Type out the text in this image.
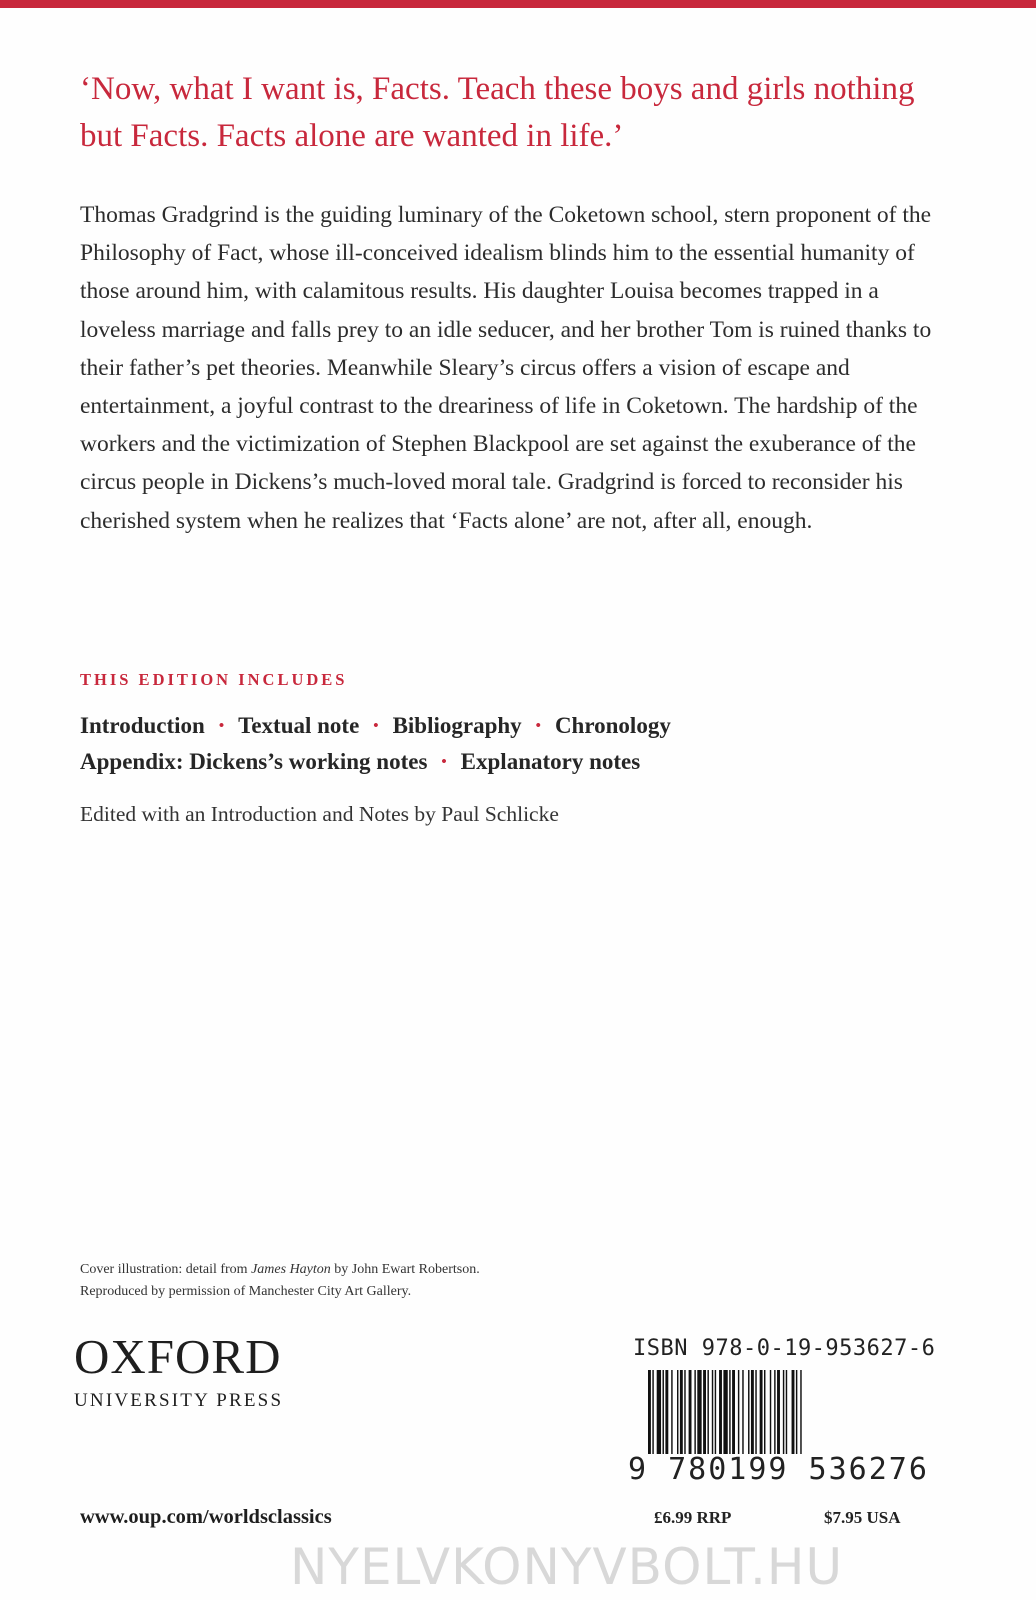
‘Now, what I want is, Facts. Teach these boys and girls nothing but Facts. Facts alone are wanted in life.’

Thomas Gradgrind is the guiding luminary of the Coketown school, stern proponent of the Philosophy of Fact, whose ill-conceived idealism blinds him to the essential humanity of those around him, with calamitous results. His daughter Louisa becomes trapped in a loveless marriage and falls prey to an idle seducer, and her brother Tom is ruined thanks to their father’s pet theories. Meanwhile Sleary’s circus offers a vision of escape and entertainment, a joyful contrast to the dreariness of life in Coketown. The hardship of the workers and the victimization of Stephen Blackpool are set against the exuberance of the circus people in Dickens’s much-loved moral tale. Gradgrind is forced to reconsider his cherished system when he realizes that ‘Facts alone’ are not, after all, enough.

THIS EDITION INCLUDES

Introduction • Textual note • Bibliography • Chronology
Appendix: Dickens’s working notes • Explanatory notes

Edited with an Introduction and Notes by Paul Schlicke

Cover illustration: detail from James Hayton by John Ewart Robertson.
Reproduced by permission of Manchester City Art Gallery.
OXFORD
UNIVERSITY PRESS
www.oup.com/worldsclassics
ISBN 978-0-19-953627-6
9 780199 536276
£6.99 RRP	$7.95 USA
NYELVKONYVBOLT.HU
